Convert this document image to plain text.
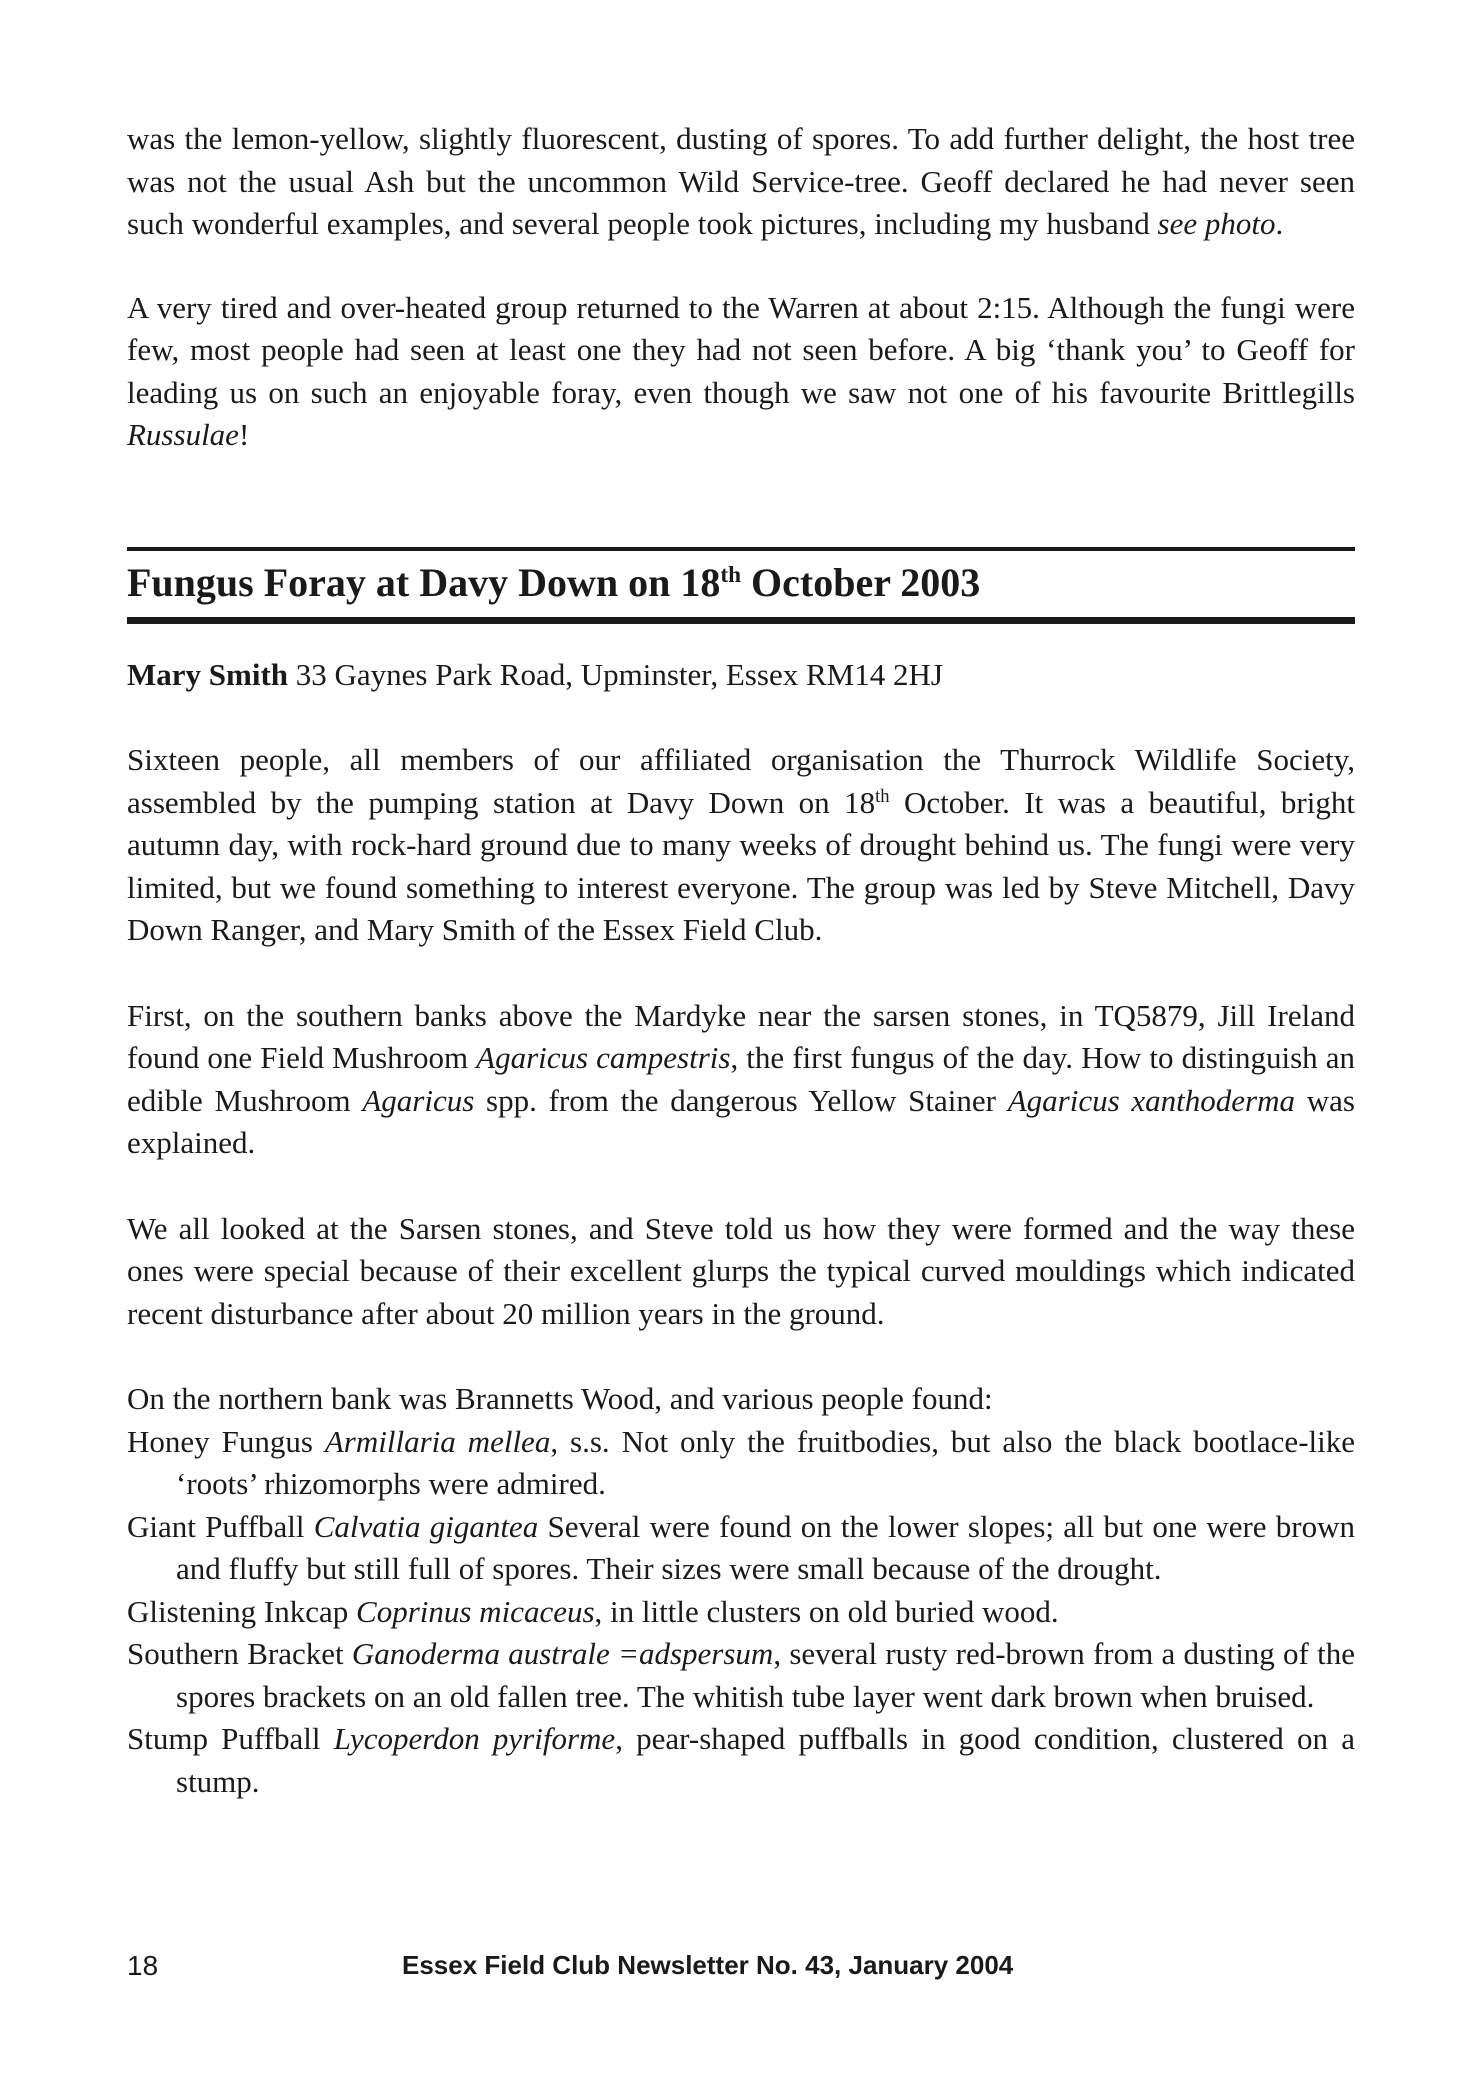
was the lemon-yellow, slightly fluorescent, dusting of spores. To add further delight, the host tree was not the usual Ash but the uncommon Wild Service-tree. Geoff declared he had never seen such wonderful examples, and several people took pictures, including my husband see photo.

A very tired and over-heated group returned to the Warren at about 2:15. Although the fungi were few, most people had seen at least one they had not seen before. A big ‘thank you’ to Geoff for leading us on such an enjoyable foray, even though we saw not one of his favourite Brittlegills Russulae!

Fungus Foray at Davy Down on 18th October 2003

Mary Smith 33 Gaynes Park Road, Upminster, Essex RM14 2HJ

Sixteen people, all members of our affiliated organisation the Thurrock Wildlife Society, assembled by the pumping station at Davy Down on 18th October. It was a beautiful, bright autumn day, with rock-hard ground due to many weeks of drought behind us. The fungi were very limited, but we found something to interest everyone. The group was led by Steve Mitchell, Davy Down Ranger, and Mary Smith of the Essex Field Club.

First, on the southern banks above the Mardyke near the sarsen stones, in TQ5879, Jill Ireland found one Field Mushroom Agaricus campestris, the first fungus of the day. How to distinguish an edible Mushroom Agaricus spp. from the dangerous Yellow Stainer Agaricus xanthoderma was explained.

We all looked at the Sarsen stones, and Steve told us how they were formed and the way these ones were special because of their excellent glurps the typical curved mouldings which indicated recent disturbance after about 20 million years in the ground.

On the northern bank was Brannetts Wood, and various people found:

Honey Fungus Armillaria mellea, s.s. Not only the fruitbodies, but also the black bootlace-like ‘roots’ rhizomorphs were admired.

Giant Puffball Calvatia gigantea Several were found on the lower slopes; all but one were brown and fluffy but still full of spores. Their sizes were small because of the drought.

Glistening Inkcap Coprinus micaceus, in little clusters on old buried wood.

Southern Bracket Ganoderma australe =adspersum, several rusty red-brown from a dusting of the spores brackets on an old fallen tree. The whitish tube layer went dark brown when bruised.

Stump Puffball Lycoperdon pyriforme, pear-shaped puffballs in good condition, clustered on a stump.

18	Essex Field Club Newsletter No. 43, January 2004
